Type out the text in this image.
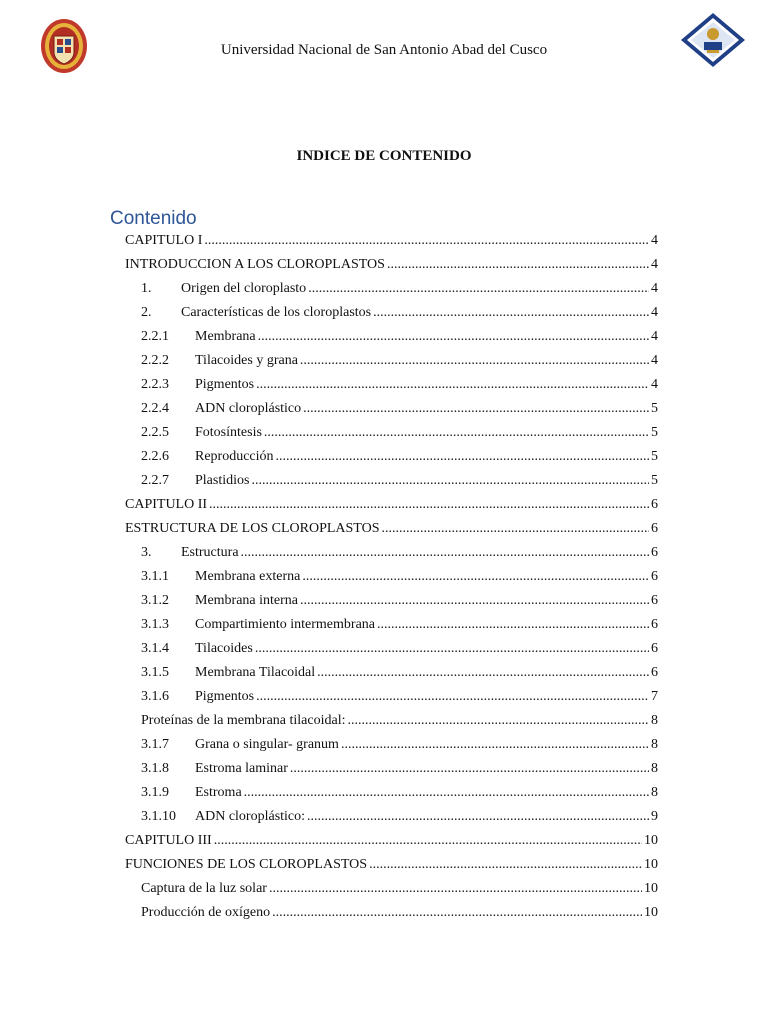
Universidad Nacional de San Antonio Abad del Cusco
INDICE DE CONTENIDO
Contenido
CAPITULO I .....	4
INTRODUCCION A LOS CLOROPLASTOS .....	4
1.	Origen del cloroplasto .....	4
2.	Características de los cloroplastos .....	4
2.2.1	Membrana .....	4
2.2.2	Tilacoides y grana .....	4
2.2.3	Pigmentos .....	4
2.2.4	ADN cloroplástico .....	5
2.2.5	Fotosíntesis .....	5
2.2.6	Reproducción .....	5
2.2.7	Plastidios .....	5
CAPITULO II .....	6
ESTRUCTURA DE LOS CLOROPLASTOS .....	6
3.	Estructura .....	6
3.1.1	Membrana externa .....	6
3.1.2	Membrana interna .....	6
3.1.3	Compartimiento intermembrana .....	6
3.1.4	Tilacoides .....	6
3.1.5	Membrana Tilacoidal .....	6
3.1.6	Pigmentos .....	7
Proteínas de la membrana tilacoidal: .....	8
3.1.7	Grana o singular- granum .....	8
3.1.8	Estroma laminar .....	8
3.1.9	Estroma .....	8
3.1.10	ADN cloroplástico: .....	9
CAPITULO III .....	10
FUNCIONES DE LOS CLOROPLASTOS .....	10
Captura de la luz solar .....	10
Producción de oxígeno .....	10
